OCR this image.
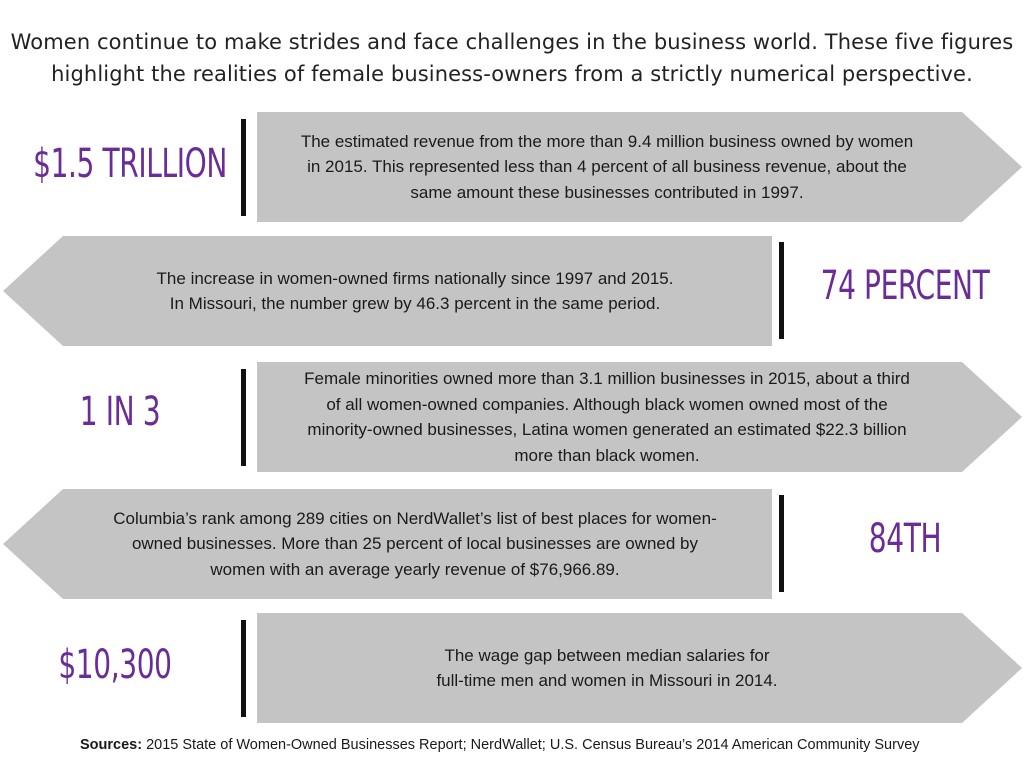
Women continue to make strides and face challenges in the business world. These five figures
highlight the realities of female business-owners from a strictly numerical perspective.
$1.5 TRILLION	The estimated revenue from the more than 9.4 million business owned by women
in 2015. This represented less than 4 percent of all business revenue, about the
same amount these businesses contributed in 1997.
The increase in women-owned firms nationally since 1997 and 2015.
In Missouri, the number grew by 46.3 percent in the same period.	74 PERCENT
1 IN 3
Female minorities owned more than 3.1 million businesses in 2015, about a third
of all women-owned companies. Although black women owned most of the
minority-owned businesses, Latina women generated an estimated $22.3 billion
more than black women.
Columbia’s rank among 289 cities on NerdWallet’s list of best places for women-
owned businesses. More than 25 percent of local businesses are owned by
women with an average yearly revenue of $76,966.89.
84TH
$10,300	The wage gap between median salaries for
full-time men and women in Missouri in 2014.
Sources: 2015 State of Women-Owned Businesses Report; NerdWallet; U.S. Census Bureau’s 2014 American Community Survey
